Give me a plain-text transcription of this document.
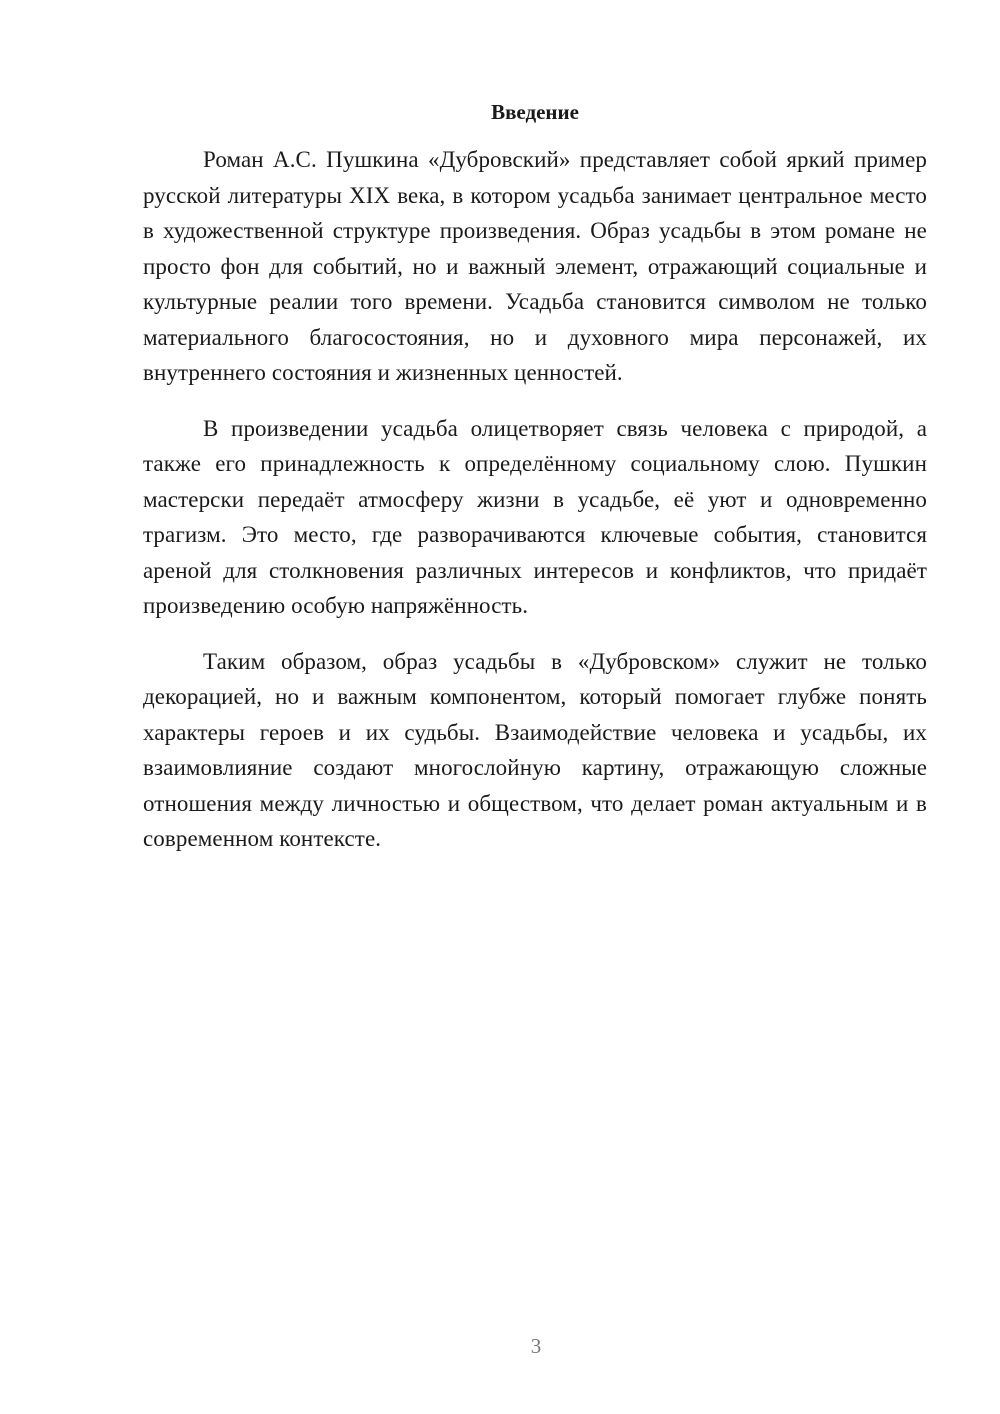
Введение

Роман А.С. Пушкина «Дубровский» представляет собой яркий пример русской литературы XIX века, в котором усадьба занимает центральное место в художественной структуре произведения. Образ усадьбы в этом романе не просто фон для событий, но и важный элемент, отражающий социальные и культурные реалии того времени. Усадьба становится символом не только материального благосостояния, но и духовного мира персонажей, их внутреннего состояния и жизненных ценностей.

В произведении усадьба олицетворяет связь человека с природой, а также его принадлежность к определённому социальному слою. Пушкин мастерски передаёт атмосферу жизни в усадьбе, её уют и одновременно трагизм. Это место, где разворачиваются ключевые события, становится ареной для столкновения различных интересов и конфликтов, что придаёт произведению особую напряжённость.

Таким образом, образ усадьбы в «Дубровском» служит не только декорацией, но и важным компонентом, который помогает глубже понять характеры героев и их судьбы. Взаимодействие человека и усадьбы, их взаимовлияние создают многослойную картину, отражающую сложные отношения между личностью и обществом, что делает роман актуальным и в современном контексте.

3
